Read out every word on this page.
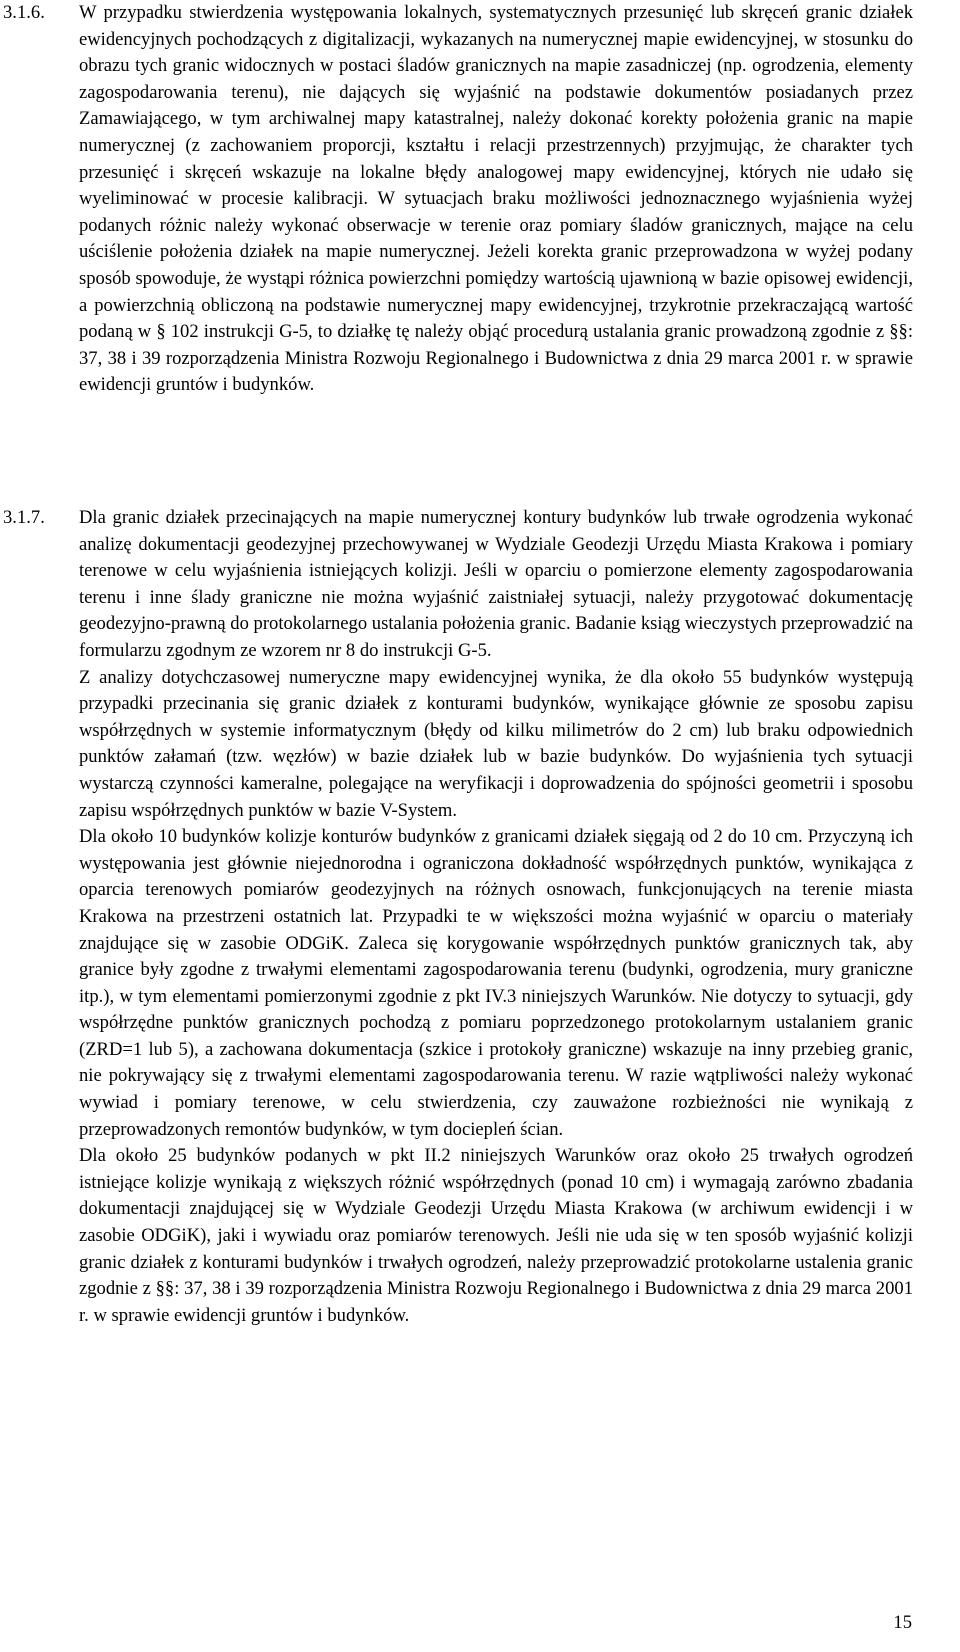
3.1.6.	W przypadku stwierdzenia występowania lokalnych, systematycznych przesunięć lub skręceń granic działek ewidencyjnych pochodzących z digitalizacji, wykazanych na numerycznej mapie ewidencyjnej, w stosunku do obrazu tych granic widocznych w postaci śladów granicznych na mapie zasadniczej (np. ogrodzenia, elementy zagospodarowania terenu), nie dających się wyjaśnić na podstawie dokumentów posiadanych przez Zamawiającego, w tym archiwalnej mapy katastralnej, należy dokonać korekty położenia granic na mapie numerycznej (z zachowaniem proporcji, kształtu i relacji przestrzennych) przyjmując, że charakter tych przesunięć i skręceń wskazuje na lokalne błędy analogowej mapy ewidencyjnej, których nie udało się wyeliminować w procesie kalibracji. W sytuacjach braku możliwości jednoznacznego wyjaśnienia wyżej podanych różnic należy wykonać obserwacje w terenie oraz pomiary śladów granicznych, mające na celu uściślenie położenia działek na mapie numerycznej. Jeżeli korekta granic przeprowadzona w wyżej podany sposób spowoduje, że wystąpi różnica powierzchni pomiędzy wartością ujawnioną w bazie opisowej ewidencji, a powierzchnią obliczoną na podstawie numerycznej mapy ewidencyjnej, trzykrotnie przekraczającą wartość podaną w § 102 instrukcji G-5, to działkę tę należy objąć procedurą ustalania granic prowadzoną zgodnie z §§: 37, 38 i 39 rozporządzenia Ministra Rozwoju Regionalnego i Budownictwa z dnia 29 marca 2001 r. w sprawie ewidencji gruntów i budynków.

3.1.7.	Dla granic działek przecinających na mapie numerycznej kontury budynków lub trwałe ogrodzenia wykonać analizę dokumentacji geodezyjnej przechowywanej w Wydziale Geodezji Urzędu Miasta Krakowa i pomiary terenowe w celu wyjaśnienia istniejących kolizji. Jeśli w oparciu o pomierzone elementy zagospodarowania terenu i inne ślady graniczne nie można wyjaśnić zaistniałej sytuacji, należy przygotować dokumentację geodezyjno-prawną do protokolarnego ustalania położenia granic. Badanie ksiąg wieczystych przeprowadzić na formularzu zgodnym ze wzorem nr 8 do instrukcji G-5.

Z analizy dotychczasowej numeryczne mapy ewidencyjnej wynika, że dla około 55 budynków występują przypadki przecinania się granic działek z konturami budynków, wynikające głównie ze sposobu zapisu współrzędnych w systemie informatycznym (błędy od kilku milimetrów do 2 cm) lub braku odpowiednich punktów załamań (tzw. węzłów) w bazie działek lub w bazie budynków. Do wyjaśnienia tych sytuacji wystarczą czynności kameralne, polegające na weryfikacji i doprowadzenia do spójności geometrii i sposobu zapisu współrzędnych punktów w bazie V-System.

Dla około 10 budynków kolizje konturów budynków z granicami działek sięgają od 2 do 10 cm. Przyczyną ich występowania jest głównie niejednorodna i ograniczona dokładność współrzędnych punktów, wynikająca z oparcia terenowych pomiarów geodezyjnych na różnych osnowach, funkcjonujących na terenie miasta Krakowa na przestrzeni ostatnich lat. Przypadki te w większości można wyjaśnić w oparciu o materiały znajdujące się w zasobie ODGiK. Zaleca się korygowanie współrzędnych punktów granicznych tak, aby granice były zgodne z trwałymi elementami zagospodarowania terenu (budynki, ogrodzenia, mury graniczne itp.), w tym elementami pomierzonymi zgodnie z pkt IV.3 niniejszych Warunków. Nie dotyczy to sytuacji, gdy współrzędne punktów granicznych pochodzą z pomiaru poprzedzonego protokolarnym ustalaniem granic (ZRD=1 lub 5), a zachowana dokumentacja (szkice i protokoły graniczne) wskazuje na inny przebieg granic, nie pokrywający się z trwałymi elementami zagospodarowania terenu. W razie wątpliwości należy wykonać wywiad i pomiary terenowe, w celu stwierdzenia, czy zauważone rozbieżności nie wynikają z przeprowadzonych remontów budynków, w tym dociepleń ścian.

Dla około 25 budynków podanych w pkt II.2 niniejszych Warunków oraz około 25 trwałych ogrodzeń istniejące kolizje wynikają z większych różnić współrzędnych (ponad 10 cm) i wymagają zarówno zbadania dokumentacji znajdującej się w Wydziale Geodezji Urzędu Miasta Krakowa (w archiwum ewidencji i w zasobie ODGiK), jaki i wywiadu oraz pomiarów terenowych. Jeśli nie uda się w ten sposób wyjaśnić kolizji granic działek z konturami budynków i trwałych ogrodzeń, należy przeprowadzić protokolarne ustalenia granic zgodnie z §§: 37, 38 i 39 rozporządzenia Ministra Rozwoju Regionalnego i Budownictwa z dnia 29 marca 2001 r. w sprawie ewidencji gruntów i budynków.

15
